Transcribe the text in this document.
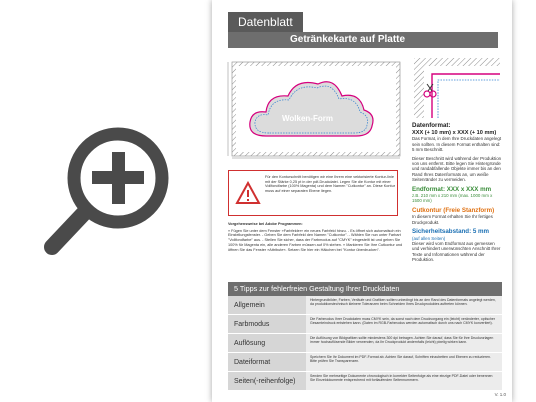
Datenblatt
Getränkekarte auf Platte
Wolken-Form
Datenformat:
XXX (+ 10 mm) x XXX (+ 10 mm)

Das Format, in dem Ihre Druckdaten angelegt sein sollten. In diesem Format enthalten sind: 5 mm Beschnitt.

Dieser Beschnitt wird während der Produktion von uns entfernt. Bitte legen Sie Hintergründe und randabfallende Objekte immer bis an den Rand Ihres Datenformats an, um weiße Seitenränder zu vermeiden.

Endformat: XXX x XXX mm

z.B. 210 mm x 210 mm (max. 1000 mm x 1500 mm)

Cutkontur (Freie Stanzform)

In diesem Format erhalten Sie Ihr fertiges Druckprodukt.

Sicherheitsabstand: 5 mm
(auf allen Seiten)

Dieser wird vom Endformat aus gemessen und verhindert unerwünschten Anschnitt Ihrer Texte und Informationen während der Produktion.

Für den Konturschnitt benötigen wir eine Ihrem eine vektorisierte Kontur-linie mit der Stärke 0,25 pt in der pdf-Druckdatei. Legen Sie die Kontur mit einer Vollfondfarbe (100% Magenta) und dem Namen "Cutkontur" an. Diese Kontur muss auf einer separaten Ebene liegen.
Vorgehensweise bei Adobe Programmen:
» Fügen Sie unter dem Fenster »Farbfelder« ein neues Farbfeld hinzu. - Es öffnet sich automatisch ein Einstellungsfenster. - Geben Sie dem Farbfeld den Namen "Cutkontur". - Wählen Sie nun unter Farbart "Vollfondfarbe" aus. - Stellen Sie sicher, dass der Farbmodus auf "CMYK" eingestellt ist und geben Sie 100% für Magenta ein, alle anderen Farben müssen auf 0% stehen. » Markieren Sie Ihre Cutkontur und öffnen Sie das Fenster »Attribute«. Setzen Sie hier ein Häkchen bei "Kontur überdrucken".
5 Tipps zur fehlerfreien Gestaltung Ihrer Druckdaten
Allgemein
Hintergrundbilder, Farben, Verläufe und Grafiken sollten unbedingt bis an den Rand des Datenformats angelegt werden, da produktionstechnisch kleinere Toleranzen beim Schneiden Ihres Druckproduktes auftreten können.
Farbmodus
Die Farbmodus Ihrer Druckdaten muss CMYK sein, da sonst nach dem Druckvorgang ein (leicht) veränderter, optischer Gesamteindruck entstehen kann. (Daten im RGB-Farbmodus werden automatisch durch uns nach CMYK konvertiert).
Auflösung
Die Auflösung von Bildgrafiken sollte mindestens 300 dpi betragen. Achten Sie darauf, dass Sie für Ihre Druckvorlagen immer hochauflösende Bilder verwenden, da Ihr Druckprodukt andernfalls (leicht) pixelig wirken kann.
Dateiformat
Speichern Sie Ihr Dokument im PDF-Format ab. Achten Sie darauf, Schriften einzubetten und Ebenen zu reduzieren. Bitte prüfen Sie Transparenzen.
Seiten(-reihenfolge)
Senden Sie mehrseitige Dokumente chronologisch in korrekter Seitenfolge als eine einzige PDF-Datei oder benennen Sie Einzeldokumente entsprechend mit fortlaufenden Seitennummern.
V. 1.0
